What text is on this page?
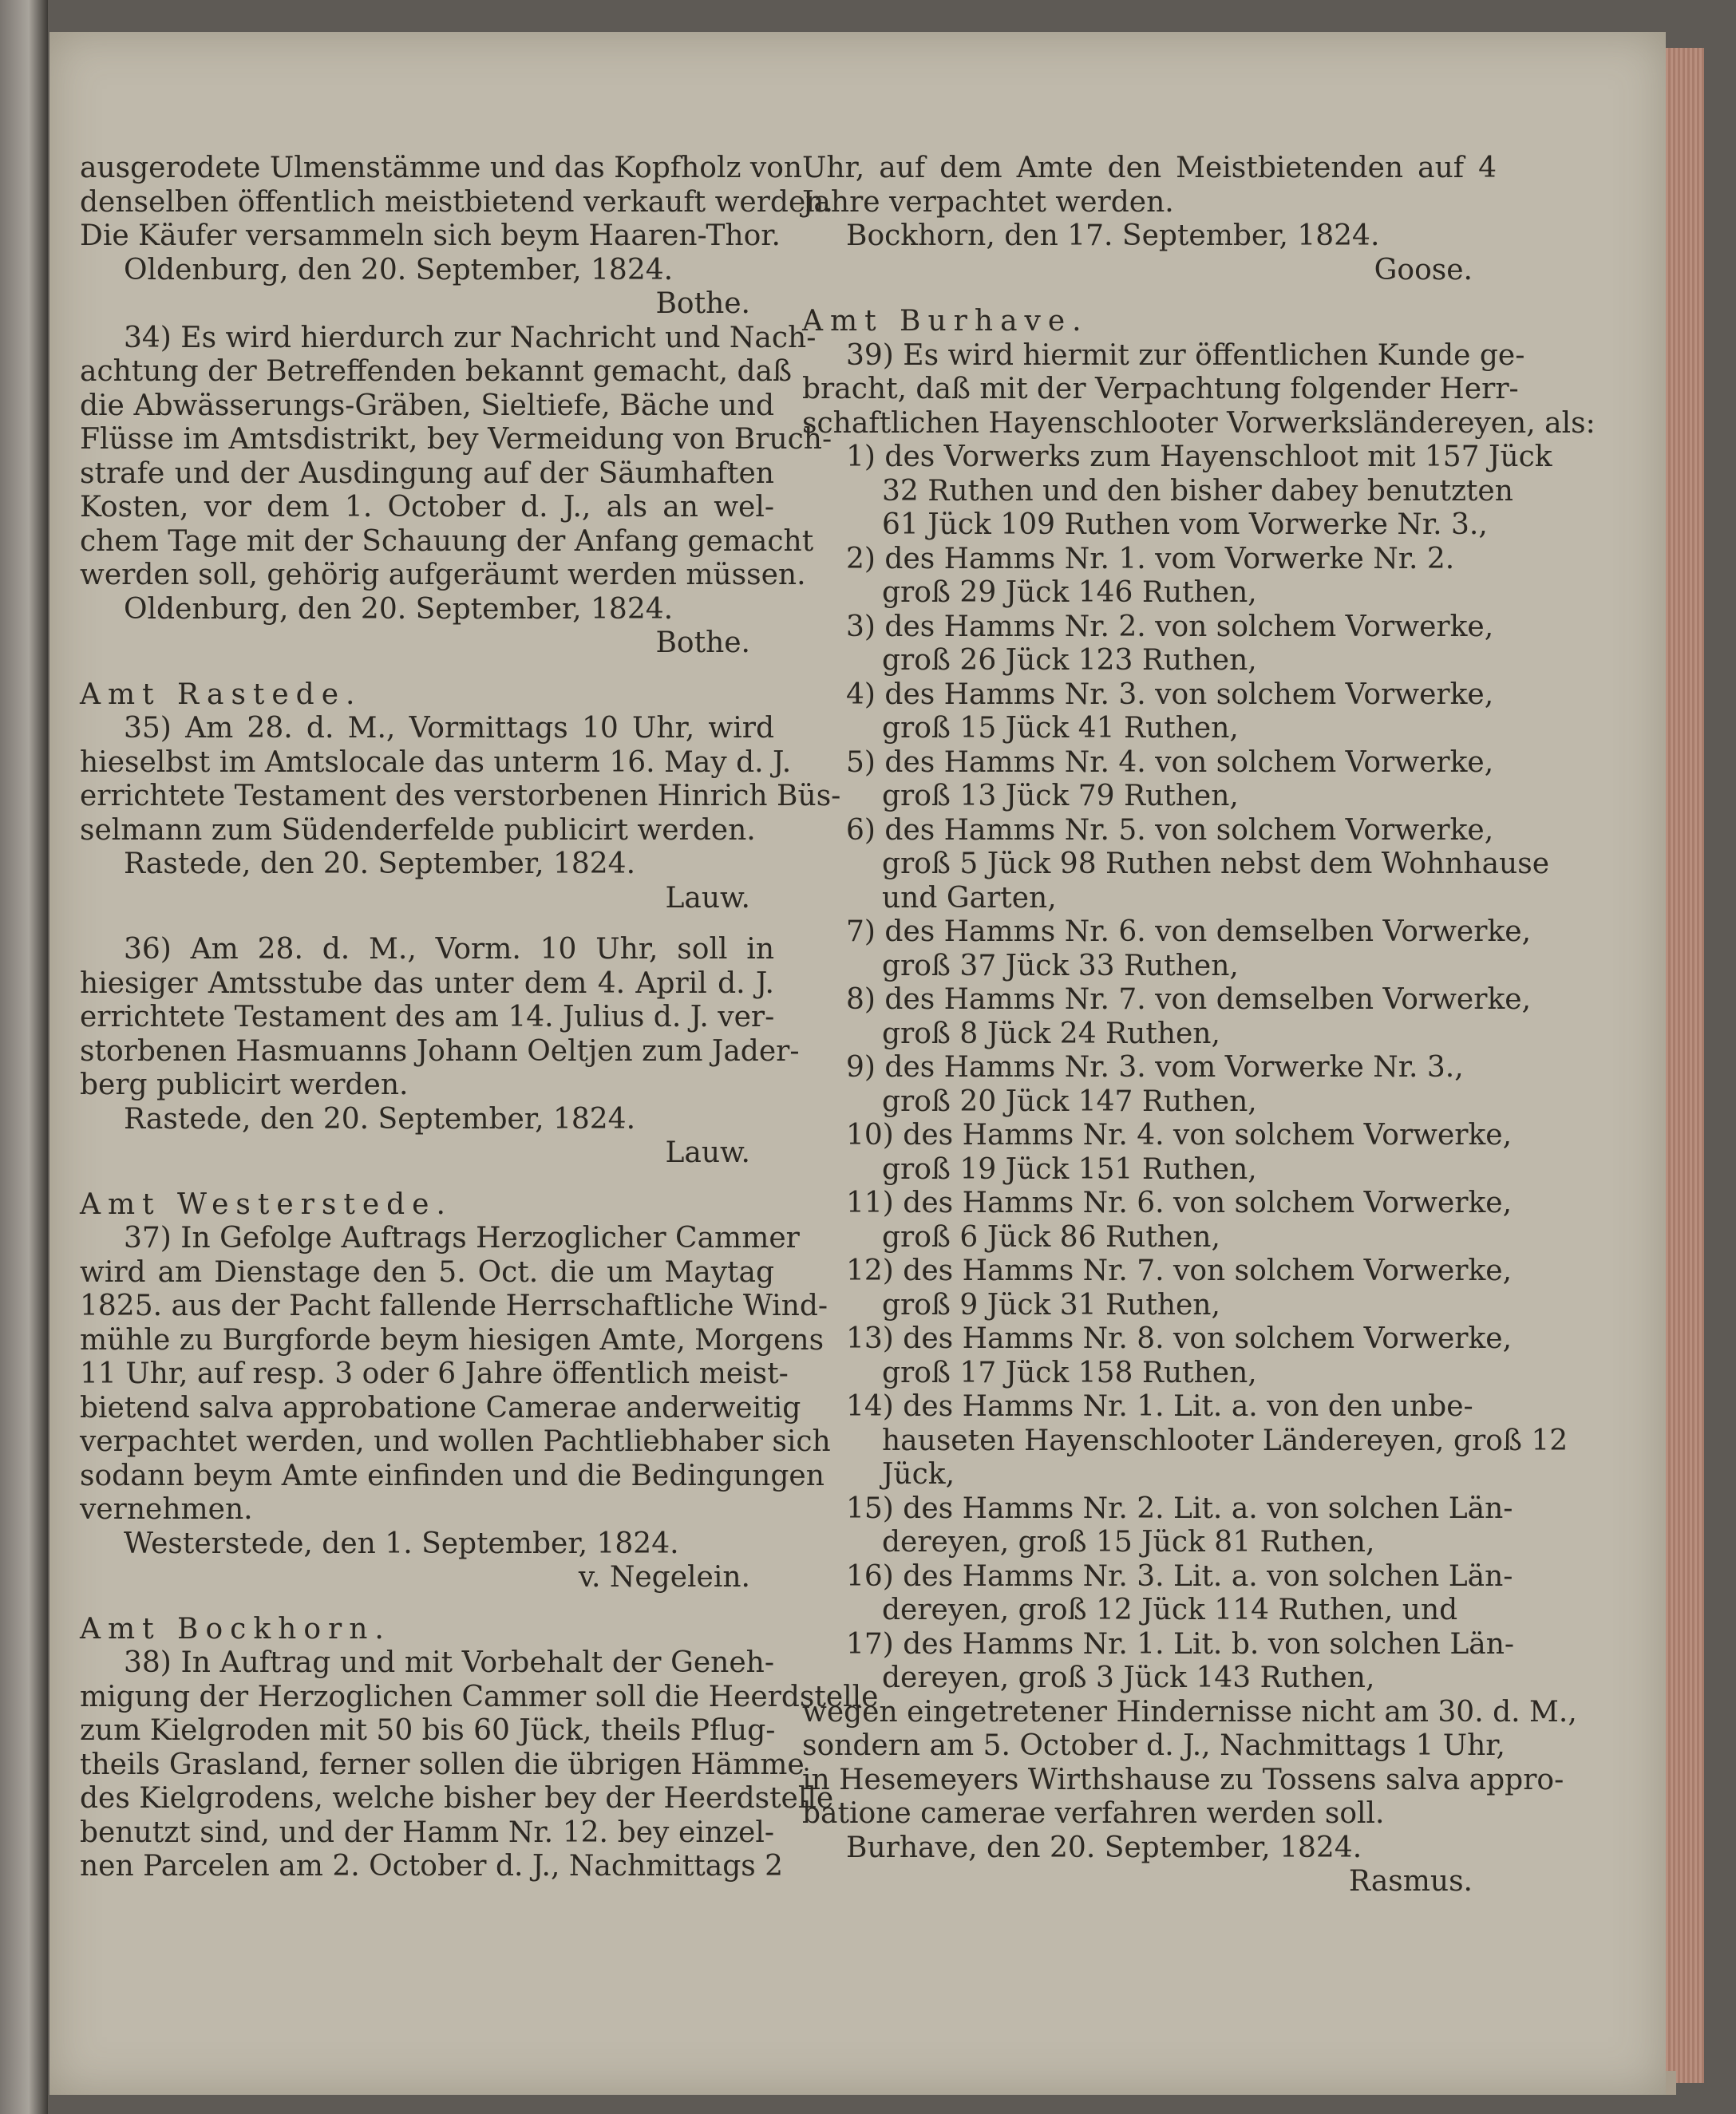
ausgerodete Ulmenstämme und das Kopfholz von
denselben öffentlich meistbietend verkauft werden.
Die Käufer versammeln sich beym Haaren-Thor.
Oldenburg, den 20. September, 1824.
Bothe.
34) Es wird hierdurch zur Nachricht und Nach-
achtung der Betreffenden bekannt gemacht, daß
die Abwässerungs-Gräben, Sieltiefe, Bäche und
Flüsse im Amtsdistrikt, bey Vermeidung von Bruch-
strafe und der Ausdingung auf der Säumhaften
Kosten, vor dem 1. October d. J., als an wel-
chem Tage mit der Schauung der Anfang gemacht
werden soll, gehörig aufgeräumt werden müssen.
Oldenburg, den 20. September, 1824.
Bothe.
Amt Rastede.
35) Am 28. d. M., Vormittags 10 Uhr, wird
hieselbst im Amtslocale das unterm 16. May d. J.
errichtete Testament des verstorbenen Hinrich Büs-
selmann zum Südenderfelde publicirt werden.
Rastede, den 20. September, 1824.
Lauw.
36) Am 28. d. M., Vorm. 10 Uhr, soll in
hiesiger Amtsstube das unter dem 4. April d. J.
errichtete Testament des am 14. Julius d. J. ver-
storbenen Hasmuanns Johann Oeltjen zum Jader-
berg publicirt werden.
Rastede, den 20. September, 1824.
Lauw.
Amt Westerstede.
37) In Gefolge Auftrags Herzoglicher Cammer
wird am Dienstage den 5. Oct. die um Maytag
1825. aus der Pacht fallende Herrschaftliche Wind-
mühle zu Burgforde beym hiesigen Amte, Morgens
11 Uhr, auf resp. 3 oder 6 Jahre öffentlich meist-
bietend salva approbatione Camerae anderweitig
verpachtet werden, und wollen Pachtliebhaber sich
sodann beym Amte einfinden und die Bedingungen
vernehmen.
Westerstede, den 1. September, 1824.
v. Negelein.
Amt Bockhorn.
38) In Auftrag und mit Vorbehalt der Geneh-
migung der Herzoglichen Cammer soll die Heerdstelle
zum Kielgroden mit 50 bis 60 Jück, theils Pflug-
theils Grasland, ferner sollen die übrigen Hämme
des Kielgrodens, welche bisher bey der Heerdstelle
benutzt sind, und der Hamm Nr. 12. bey einzel-
nen Parcelen am 2. October d. J., Nachmittags 2
Uhr, auf dem Amte den Meistbietenden auf 4
Jahre verpachtet werden.
Bockhorn, den 17. September, 1824.
Goose.
Amt Burhave.
39) Es wird hiermit zur öffentlichen Kunde ge-
bracht, daß mit der Verpachtung folgender Herr-
schaftlichen Hayenschlooter Vorwerksländereyen, als:
1) des Vorwerks zum Hayenschloot mit 157 Jück
32 Ruthen und den bisher dabey benutzten
61 Jück 109 Ruthen vom Vorwerke Nr. 3.,
2) des Hamms Nr. 1. vom Vorwerke Nr. 2.
groß 29 Jück 146 Ruthen,
3) des Hamms Nr. 2. von solchem Vorwerke,
groß 26 Jück 123 Ruthen,
4) des Hamms Nr. 3. von solchem Vorwerke,
groß 15 Jück 41 Ruthen,
5) des Hamms Nr. 4. von solchem Vorwerke,
groß 13 Jück 79 Ruthen,
6) des Hamms Nr. 5. von solchem Vorwerke,
groß 5 Jück 98 Ruthen nebst dem Wohnhause
und Garten,
7) des Hamms Nr. 6. von demselben Vorwerke,
groß 37 Jück 33 Ruthen,
8) des Hamms Nr. 7. von demselben Vorwerke,
groß 8 Jück 24 Ruthen,
9) des Hamms Nr. 3. vom Vorwerke Nr. 3.,
groß 20 Jück 147 Ruthen,
10) des Hamms Nr. 4. von solchem Vorwerke,
groß 19 Jück 151 Ruthen,
11) des Hamms Nr. 6. von solchem Vorwerke,
groß 6 Jück 86 Ruthen,
12) des Hamms Nr. 7. von solchem Vorwerke,
groß 9 Jück 31 Ruthen,
13) des Hamms Nr. 8. von solchem Vorwerke,
groß 17 Jück 158 Ruthen,
14) des Hamms Nr. 1. Lit. a. von den unbe-
hauseten Hayenschlooter Ländereyen, groß 12
Jück,
15) des Hamms Nr. 2. Lit. a. von solchen Län-
dereyen, groß 15 Jück 81 Ruthen,
16) des Hamms Nr. 3. Lit. a. von solchen Län-
dereyen, groß 12 Jück 114 Ruthen, und
17) des Hamms Nr. 1. Lit. b. von solchen Län-
dereyen, groß 3 Jück 143 Ruthen,
wegen eingetretener Hindernisse nicht am 30. d. M.,
sondern am 5. October d. J., Nachmittags 1 Uhr,
in Hesemeyers Wirthshause zu Tossens salva appro-
batione camerae verfahren werden soll.
Burhave, den 20. September, 1824.
Rasmus.
